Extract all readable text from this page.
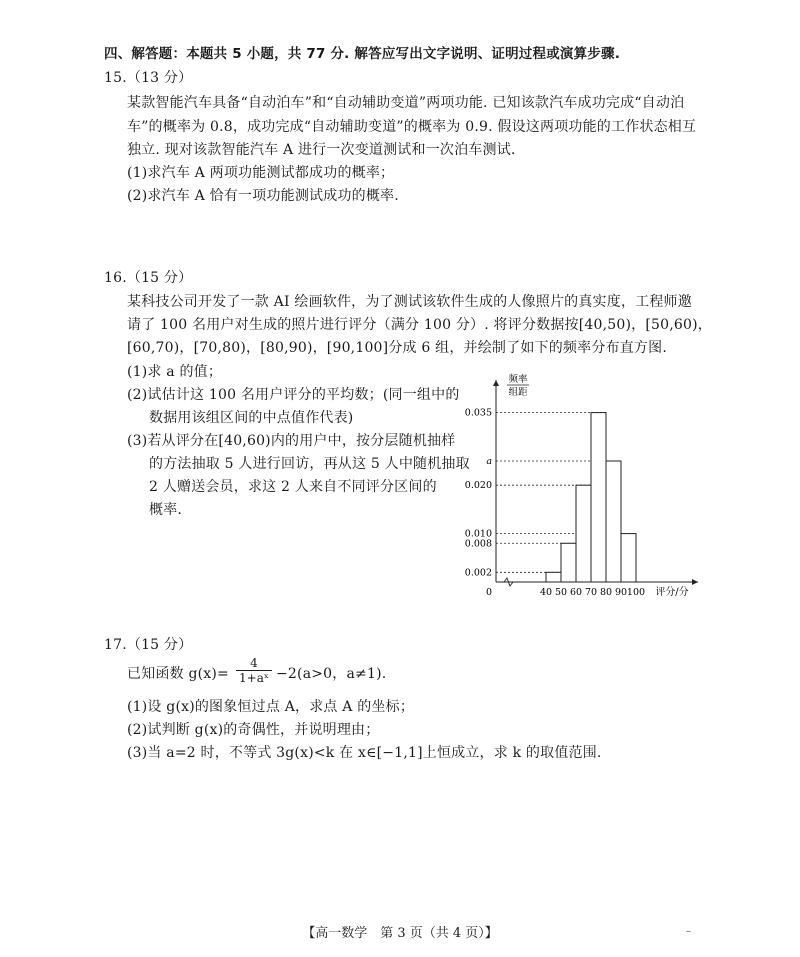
四、解答题：本题共 5 小题，共 77 分. 解答应写出文字说明、证明过程或演算步骤.
15.（13 分）
某款智能汽车具备“自动泊车”和“自动辅助变道”两项功能. 已知该款汽车成功完成“自动泊
车”的概率为 0.8，成功完成“自动辅助变道”的概率为 0.9. 假设这两项功能的工作状态相互
独立. 现对该款智能汽车 A 进行一次变道测试和一次泊车测试.
(1)求汽车 A 两项功能测试都成功的概率；
(2)求汽车 A 恰有一项功能测试成功的概率.
16.（15 分）
某科技公司开发了一款 AI 绘画软件，为了测试该软件生成的人像照片的真实度，工程师邀
请了 100 名用户对生成的照片进行评分（满分 100 分）. 将评分数据按[40,50)，[50,60)，
[60,70)，[70,80)，[80,90)，[90,100]分成 6 组，并绘制了如下的频率分布直方图.
(1)求 a 的值；
(2)试估计这 100 名用户评分的平均数；(同一组中的
数据用该组区间的中点值作代表)
(3)若从评分在[40,60)内的用户中，按分层随机抽样
的方法抽取 5 人进行回访，再从这 5 人中随机抽取
2 人赠送会员，求这 2 人来自不同评分区间的
概率.
0.035
a
0.020
0.010
0.008
0.002
40 50 60 70 80 90 100 评分/分
0
频率
组距
17.（15 分）
已知函数 $g(x)= \frac{4}{\text{1+aˣ}} -2(a>0$，a≠1).
(1)设 g(x)的图象恒过点 A，求点 A 的坐标；
(2)试判断 g(x)的奇偶性，并说明理由；
(3)当 a=2 时，不等式 3g(x)<k 在 x∈[−1,1]上恒成立，求 k 的取值范围.
【高一数学　第 3 页（共 4 页）】	–
